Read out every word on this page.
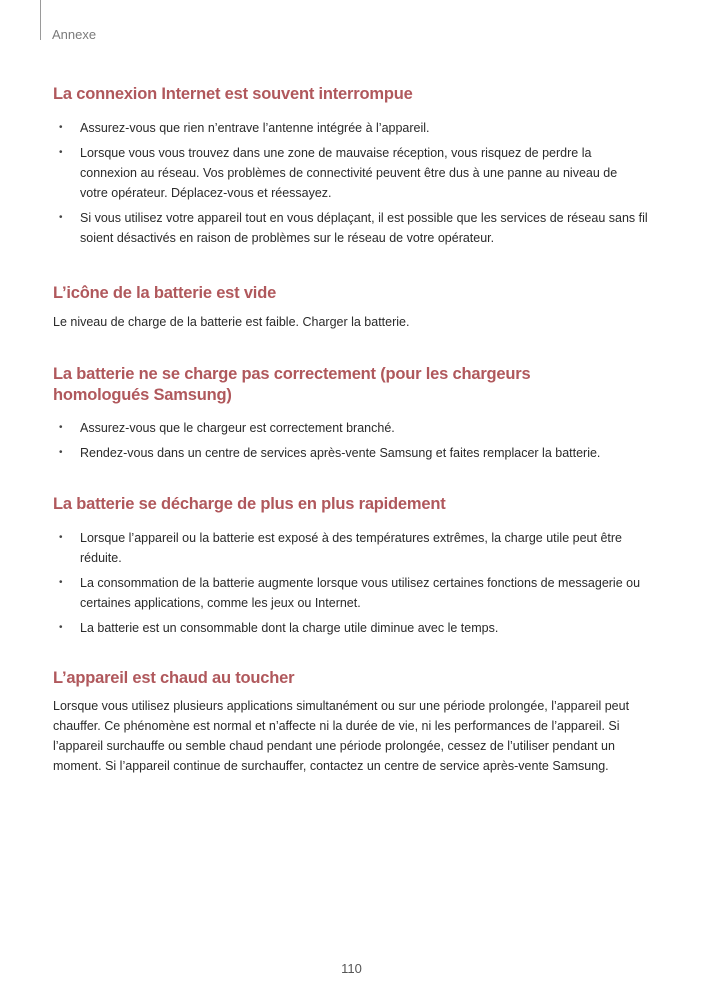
Annexe
La connexion Internet est souvent interrompue
• Assurez-vous que rien n’entrave l’antenne intégrée à l’appareil.
• Lorsque vous vous trouvez dans une zone de mauvaise réception, vous risquez de perdre la connexion au réseau. Vos problèmes de connectivité peuvent être dus à une panne au niveau de votre opérateur. Déplacez-vous et réessayez.
• Si vous utilisez votre appareil tout en vous déplaçant, il est possible que les services de réseau sans fil soient désactivés en raison de problèmes sur le réseau de votre opérateur.
L’icône de la batterie est vide

Le niveau de charge de la batterie est faible. Charger la batterie.

La batterie ne se charge pas correctement (pour les chargeurs
homologués Samsung)
• Assurez-vous que le chargeur est correctement branché.
• Rendez-vous dans un centre de services après-vente Samsung et faites remplacer la batterie.
La batterie se décharge de plus en plus rapidement
• Lorsque l’appareil ou la batterie est exposé à des températures extrêmes, la charge utile peut être réduite.
• La consommation de la batterie augmente lorsque vous utilisez certaines fonctions de messagerie ou certaines applications, comme les jeux ou Internet.
• La batterie est un consommable dont la charge utile diminue avec le temps.
L’appareil est chaud au toucher

Lorsque vous utilisez plusieurs applications simultanément ou sur une période prolongée, l’appareil peut chauffer. Ce phénomène est normal et n’affecte ni la durée de vie, ni les performances de l’appareil. Si l’appareil surchauffe ou semble chaud pendant une période prolongée, cessez de l’utiliser pendant un moment. Si l’appareil continue de surchauffer, contactez un centre de service après-vente Samsung.

110
